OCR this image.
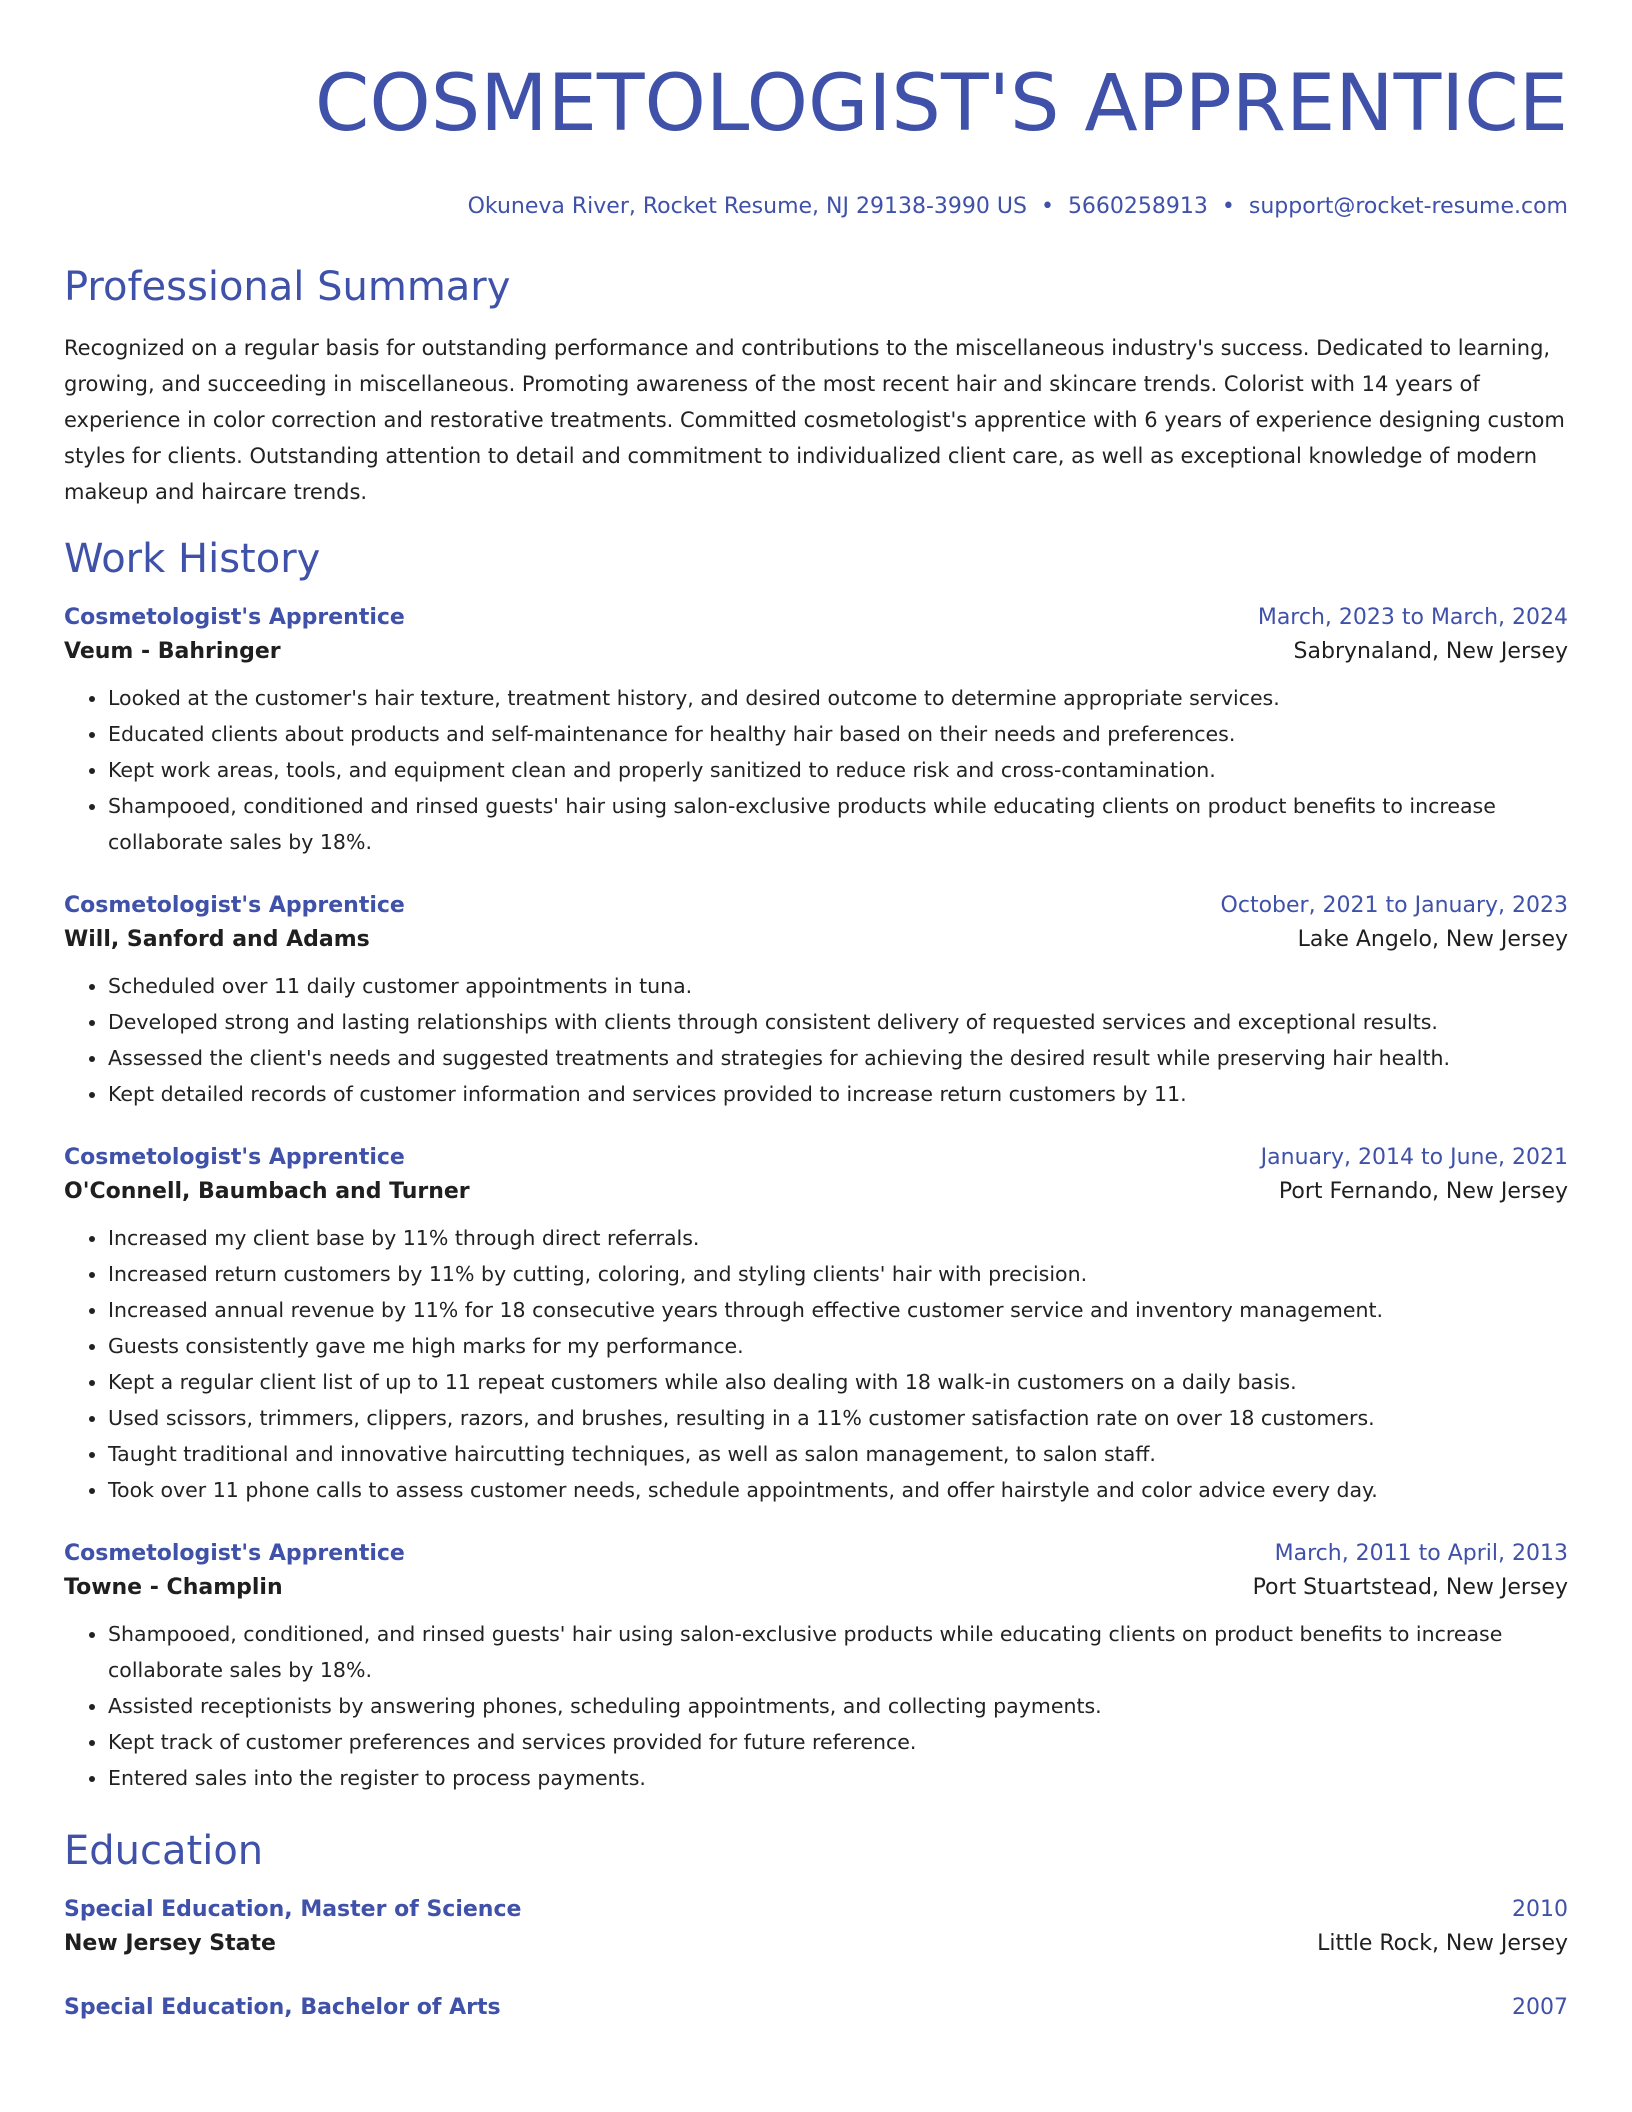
COSMETOLOGIST'S APPRENTICE
Okuneva River, Rocket Resume, NJ 29138-3990 US • 5660258913 • support@rocket-resume.com
Professional Summary
Recognized on a regular basis for outstanding performance and contributions to the miscellaneous industry's success. Dedicated to learning, growing, and succeeding in miscellaneous. Promoting awareness of the most recent hair and skincare trends. Colorist with 14 years of experience in color correction and restorative treatments. Committed cosmetologist's apprentice with 6 years of experience designing custom styles for clients. Outstanding attention to detail and commitment to individualized client care, as well as exceptional knowledge of modern makeup and haircare trends.
Work History
Cosmetologist's Apprentice	March, 2023 to March, 2024
Veum - Bahringer	Sabrynaland, New Jersey
• Looked at the customer's hair texture, treatment history, and desired outcome to determine appropriate services.
• Educated clients about products and self-maintenance for healthy hair based on their needs and preferences.
• Kept work areas, tools, and equipment clean and properly sanitized to reduce risk and cross-contamination.
• Shampooed, conditioned and rinsed guests' hair using salon-exclusive products while educating clients on product benefits to increase collaborate sales by 18%.
Cosmetologist's Apprentice	October, 2021 to January, 2023
Will, Sanford and Adams	Lake Angelo, New Jersey
• Scheduled over 11 daily customer appointments in tuna.
• Developed strong and lasting relationships with clients through consistent delivery of requested services and exceptional results.
• Assessed the client's needs and suggested treatments and strategies for achieving the desired result while preserving hair health.
• Kept detailed records of customer information and services provided to increase return customers by 11.
Cosmetologist's Apprentice	January, 2014 to June, 2021
O'Connell, Baumbach and Turner	Port Fernando, New Jersey
• Increased my client base by 11% through direct referrals.
• Increased return customers by 11% by cutting, coloring, and styling clients' hair with precision.
• Increased annual revenue by 11% for 18 consecutive years through effective customer service and inventory management.
• Guests consistently gave me high marks for my performance.
• Kept a regular client list of up to 11 repeat customers while also dealing with 18 walk-in customers on a daily basis.
• Used scissors, trimmers, clippers, razors, and brushes, resulting in a 11% customer satisfaction rate on over 18 customers.
• Taught traditional and innovative haircutting techniques, as well as salon management, to salon staff.
• Took over 11 phone calls to assess customer needs, schedule appointments, and offer hairstyle and color advice every day.
Cosmetologist's Apprentice	March, 2011 to April, 2013
Towne - Champlin	Port Stuartstead, New Jersey
• Shampooed, conditioned, and rinsed guests' hair using salon-exclusive products while educating clients on product benefits to increase collaborate sales by 18%.
• Assisted receptionists by answering phones, scheduling appointments, and collecting payments.
• Kept track of customer preferences and services provided for future reference.
• Entered sales into the register to process payments.
Education
Special Education, Master of Science	2010
New Jersey State	Little Rock, New Jersey
Special Education, Bachelor of Arts	2007
